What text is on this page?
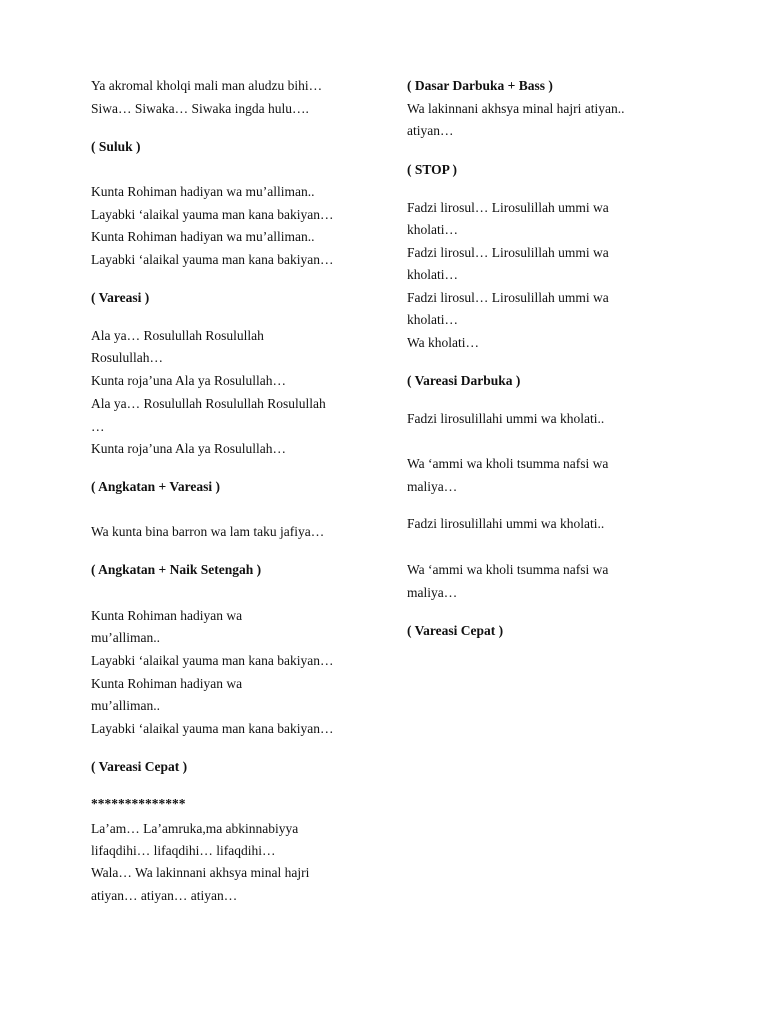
Ya akromal kholqi mali man aludzu bihi…
Siwa… Siwaka… Siwaka ingda hulu….
( Suluk )
Kunta Rohiman hadiyan wa mu’alliman..
Layabki ‘alaikal yauma man kana bakiyan…
Kunta Rohiman hadiyan wa mu’alliman..
Layabki ‘alaikal yauma man kana bakiyan…
( Vareasi )
Ala ya… Rosulullah Rosulullah
Rosulullah…
Kunta roja’una Ala ya Rosulullah…
Ala ya… Rosulullah Rosulullah Rosulullah
…
Kunta roja’una Ala ya Rosulullah…
( Angkatan + Vareasi )
Wa kunta bina barron wa lam taku jafiya…
( Angkatan + Naik Setengah )
Kunta Rohiman hadiyan wa
mu’alliman..
Layabki ‘alaikal yauma man kana bakiyan…
Kunta Rohiman hadiyan wa
mu’alliman..
Layabki ‘alaikal yauma man kana bakiyan…
( Vareasi Cepat )
**************
La’am… La’amruka,ma abkinnabiyya
lifaqdihi… lifaqdihi… lifaqdihi…
Wala… Wa lakinnani akhsya minal hajri
atiyan… atiyan… atiyan…
( Dasar Darbuka + Bass )
Wa lakinnani akhsya minal hajri atiyan..
atiyan…
( STOP )
Fadzi lirosul… Lirosulillah ummi wa
kholati…
Fadzi lirosul… Lirosulillah ummi wa
kholati…
Fadzi lirosul… Lirosulillah ummi wa
kholati…
Wa kholati…
( Vareasi Darbuka )
Fadzi lirosulillahi ummi wa kholati..
Wa ‘ammi wa kholi tsumma nafsi wa
maliya…
Fadzi lirosulillahi ummi wa kholati..
Wa ‘ammi wa kholi tsumma nafsi wa
maliya…
( Vareasi Cepat )
